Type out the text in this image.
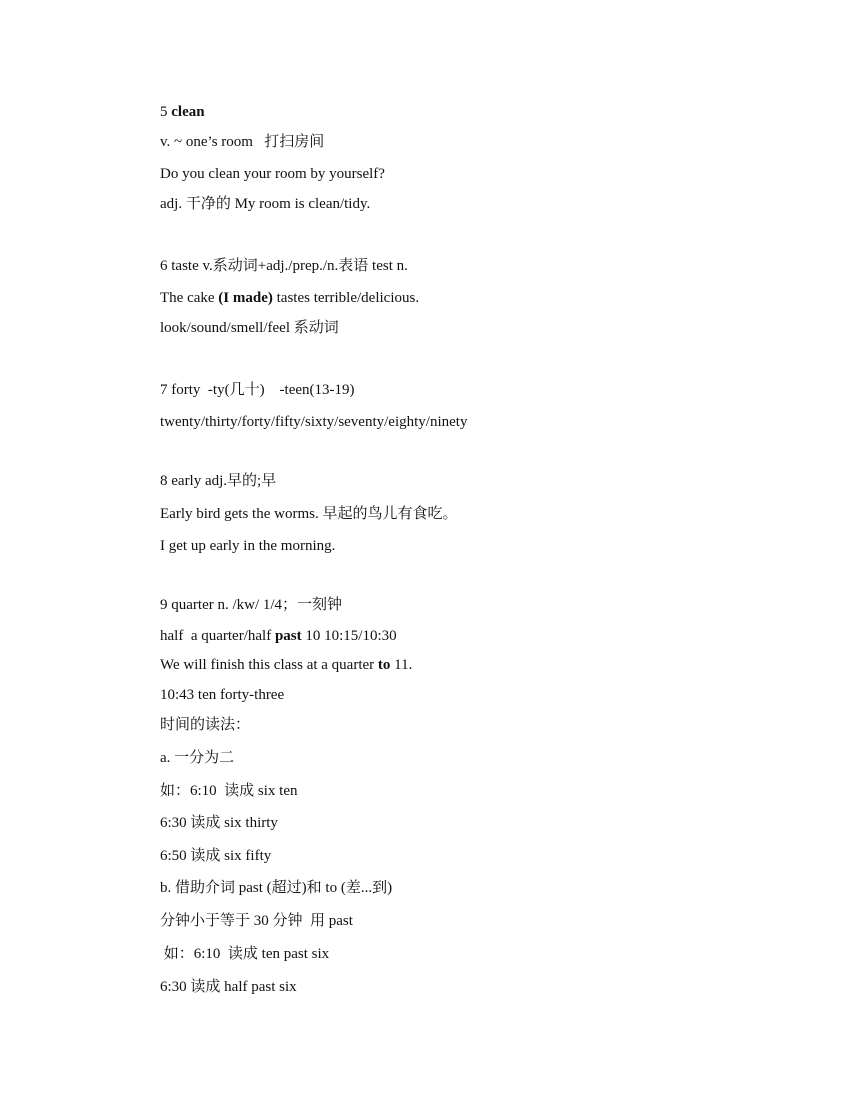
5 clean
v. ~ one’s room   打扫房间
Do you clean your room by yourself?
adj. 干净的 My room is clean/tidy.
6 taste v.系动词+adj./prep./n.表语 test n.
The cake (I made) tastes terrible/delicious.
look/sound/smell/feel 系动词
7 forty  -ty(几十)    -teen(13-19)
twenty/thirty/forty/fifty/sixty/seventy/eighty/ninety
8 early adj.早的;早
Early bird gets the worms. 早起的鸟儿有食吃。
I get up early in the morning.
9 quarter n. /kw/ 1/4；一刻钟
half  a quarter/half past 10 10:15/10:30
We will finish this class at a quarter to 11.
10:43 ten forty-three
时间的读法：
a. 一分为二
如：6:10  读成 six ten
6:30 读成 six thirty
6:50 读成 six fifty
b. 借助介词 past (超过)和 to (差...到)
分钟小于等于 30 分钟  用 past
如：6:10  读成 ten past six
6:30 读成 half past six
